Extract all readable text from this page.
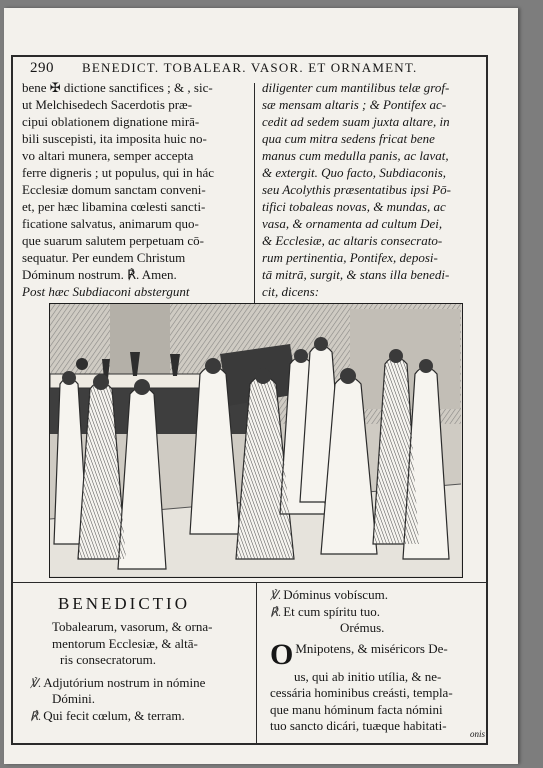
290 BENEDICT. TOBALEAR. VASOR. ET ORNAMENT.
bene ✠ dictione sanctifices ; & , sic-
ut Melchisedech Sacerdotis præ-
cipui oblationem dignatione mirā-
bili suscepisti, ita imposita huic no-
vo altari munera, semper accepta
ferre digneris ; ut populus, qui in hác
Ecclesiæ domum sanctam conveni-
et, per hæc libamina cœlesti sancti-
ficatione salvatus, animarum quo-
que suarum salutem perpetuam cō-
sequatur. Per eundem Christum
Dóminum nostrum. ℟. Amen.
Post hæc Subdiaconi abstergunt
diligenter cum mantilibus telæ grof-
sæ mensam altaris ; & Pontifex ac-
cedit ad sedem suam juxta altare, in
qua cum mitra sedens fricat bene
manus cum medulla panis, ac lavat,
& extergit. Quo facto, Subdiaconis,
seu Acolythis præsentatibus ipsi Pō-
tifici tobaleas novas, & mundas, ac
vasa, & ornamenta ad cultum Dei,
& Ecclesiæ, ac altaris consecrato-
rum pertinentia, Pontifex, deposi-
tā mitrā, surgit, & stans illa benedi-
cit, dicens:
BENEDICTIO
Tobalearum, vasorum, & orna-
mentorum Ecclesiæ, & altā-
ris consecratorum.
℣. Adjutórium nostrum in nómine
Dómini.
℟. Qui fecit cœlum, & terram.
℣. Dóminus vobíscum.
℟. Et cum spíritu tuo.
Orémus.
O Mnipotens, & miséricors De-
us, qui ab initio utília, & ne-
cessária hominibus creásti, templa-
que manu hóminum facta nómini
tuo sancto dicári, tuæque habitati-
onis
